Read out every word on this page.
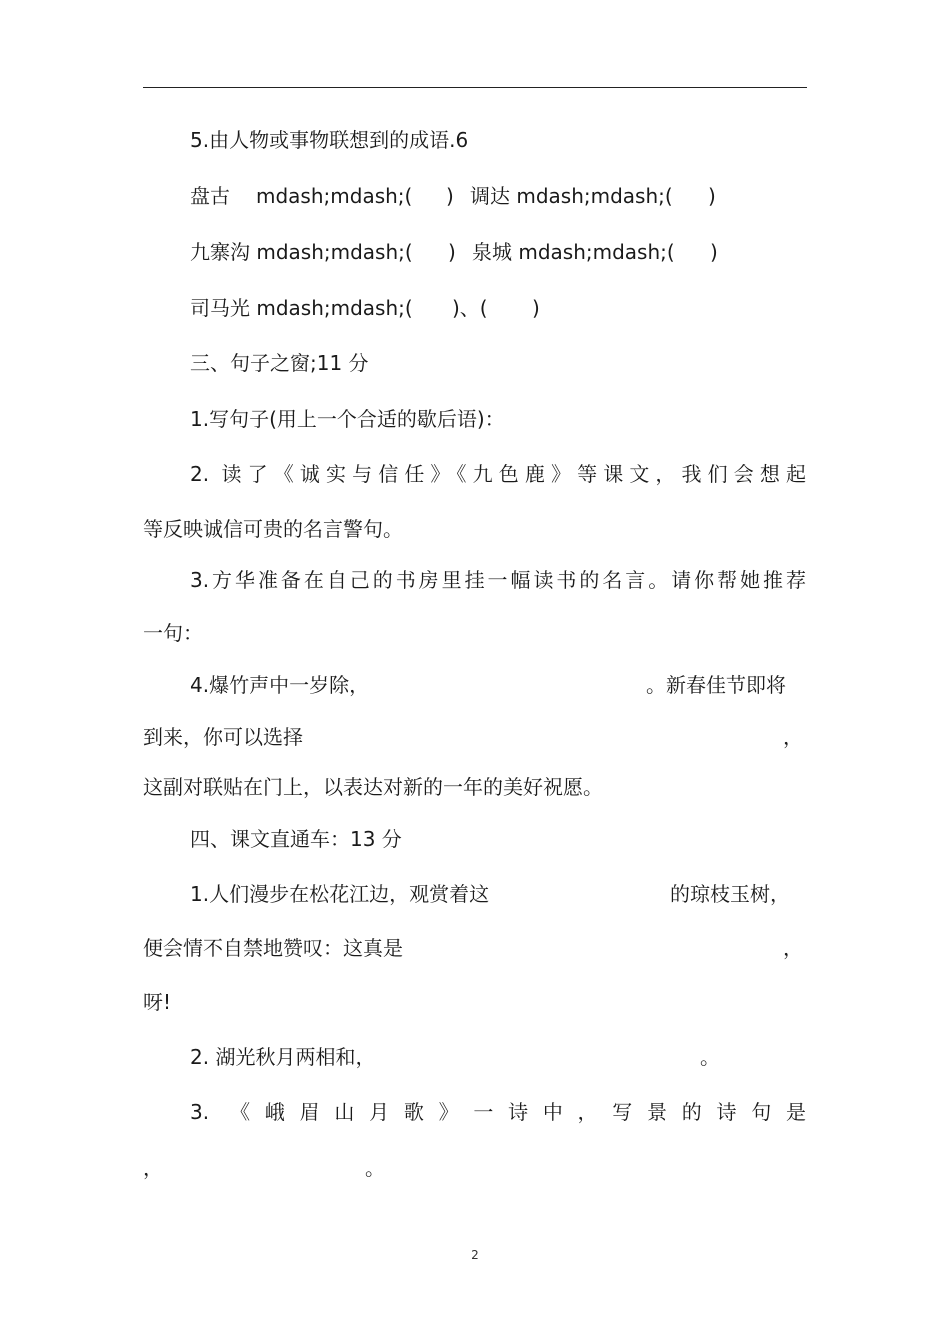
5.由人物或事物联想到的成语.6
盘古 mdash;mdash;( ) 调达 mdash;mdash;( )
九寨沟 mdash;mdash;( ) 泉城 mdash;mdash;( )
司马光 mdash;mdash;( )、( )
三、句子之窗;11 分
1.写句子(用上一个合适的歇后语)：
2. 读了《诚实与信任》《九色鹿》等课文，我们会想起
等反映诚信可贵的名言警句。
3.方华准备在自己的书房里挂一幅读书的名言。请你帮她推荐
一句：
4.爆竹声中一岁除，	。新春佳节即将
到来，你可以选择	，
这副对联贴在门上，以表达对新的一年的美好祝愿。
四、课文直通车：13 分
1.人们漫步在松花江边，观赏着这	的琼枝玉树，
便会情不自禁地赞叹：这真是	，
呀!
2. 湖光秋月两相和，	。
3. 《峨眉山月歌》一诗中，写景的诗句是
，	。
2
